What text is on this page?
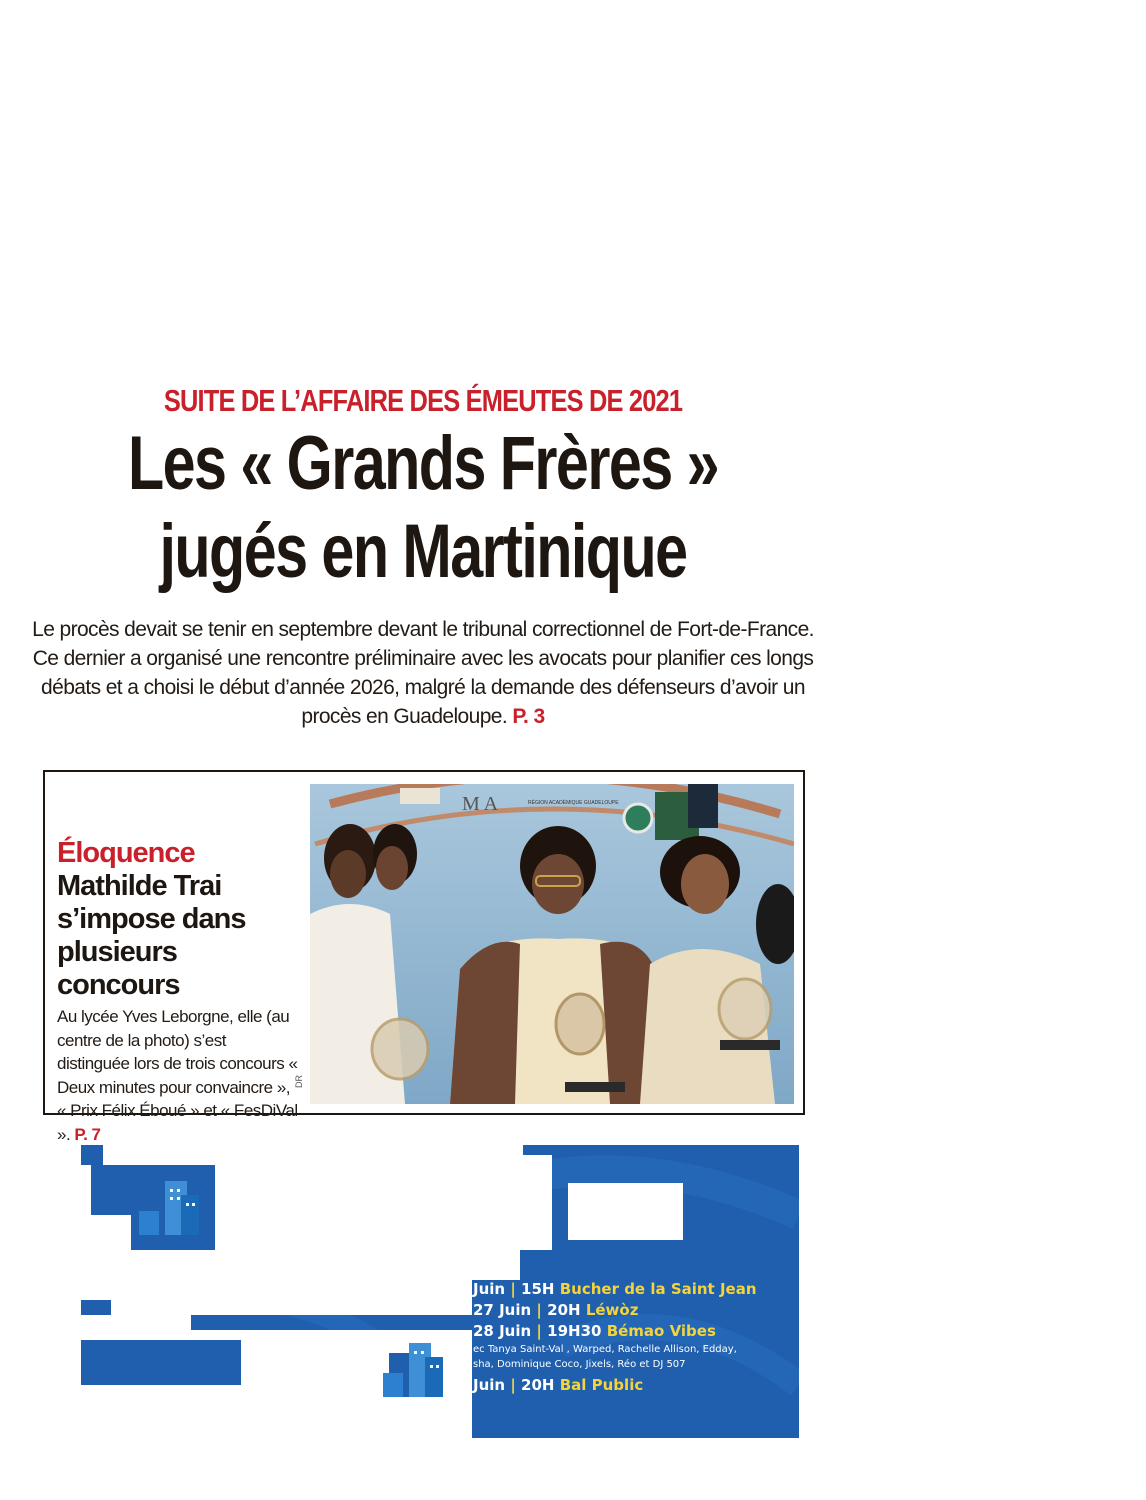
SUITE DE L’AFFAIRE DES ÉMEUTES DE 2021
Les « Grands Frères »
jugés en Martinique
Le procès devait se tenir en septembre devant le tribunal correctionnel de Fort-de-France. Ce dernier a organisé une rencontre préliminaire avec les avocats pour planifier ces longs débats et a choisi le début d’année 2026, malgré la demande des défenseurs d’avoir un procès en Guadeloupe. P. 3
Éloquence Mathilde Trai s’impose dans plusieurs concours
Au lycée Yves Leborgne, elle (au centre de la photo) s’est distinguée lors de trois concours « Deux minutes pour convaincre », « Prix Félix Éboué » et « FesDiVal ». P. 7
DR
M A	RÉGION ACADÉMIQUE GUADELOUPE
Juin | 15H Bucher de la Saint Jean
27 Juin | 20H Léwòz
28 Juin | 19H30 Bémao Vibes
ec Tanya Saint-Val , Warped, Rachelle Allison, Edday,
sha, Dominique Coco, Jixels, Réo et DJ 507
Juin | 20H Bal Public
